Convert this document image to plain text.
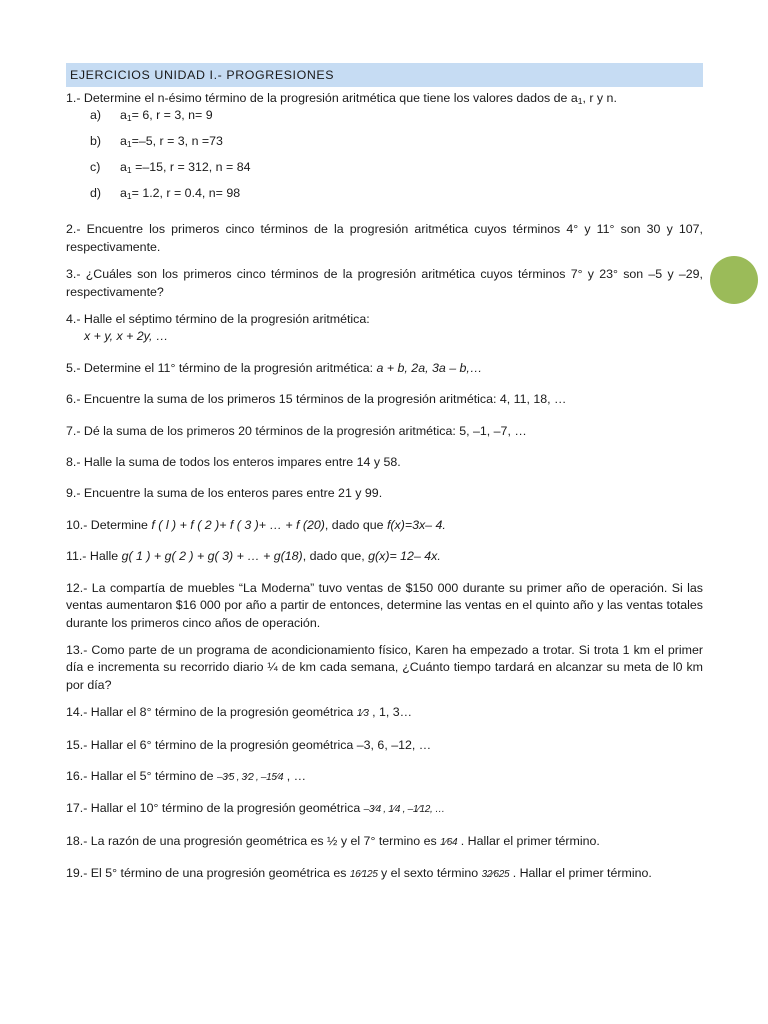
EJERCICIOS UNIDAD I.- PROGRESIONES

1.- Determine el n-ésimo término de la progresión aritmética que tiene los valores dados de $a_1$, r y n.

a)	$a_1= 6$, r = 3, n= 9
b)	$a_1=-5$, r = 3, n =73
c)	$a_1 =-15$, r = 312, n = 84
d)	$a_1= 1.2$, r = 0.4, n= 98

2.- Encuentre los primeros cinco términos de la progresión aritmética cuyos términos 4° y 11° son 30 y 107, respectivamente.

3.- ¿Cuáles son los primeros cinco términos de la progresión aritmética cuyos términos 7° y 23° son –5 y –29, respectivamente?

4.- Halle el séptimo término de la progresión aritmética:
x + y, x + 2y, …

5.- Determine el 11° término de la progresión aritmética: a + b, 2a, 3a – b,…

6.- Encuentre la suma de los primeros 15 términos de la progresión aritmética: 4, 11, 18, …

7.- Dé la suma de los primeros 20 términos de la progresión aritmética: 5, –1, –7, …

8.- Halle la suma de todos los enteros impares entre 14 y 58.

9.- Encuentre la suma de los enteros pares entre 21 y 99.

10.- Determine f ( l ) + f ( 2 )+ f ( 3 )+ … + f (20), dado que f(x)=3x– 4.

11.- Halle g( 1 ) + g( 2 ) + g( 3) + … + g(18), dado que, g(x)= 12– 4x.

12.- La compartía de muebles “La Moderna” tuvo ventas de $150 000 durante su primer año de operación. Si las ventas aumentaron $16 000 por año a partir de entonces, determine las ventas en el quinto año y las ventas totales durante los primeros cinco años de operación.

13.- Como parte de un programa de acondicionamiento físico, Karen ha empezado a trotar. Si trota 1 km el primer día e incrementa su recorrido diario ¼ de km cada semana, ¿Cuánto tiempo tardará en alcanzar su meta de l0 km por día?

14.- Hallar el 8° término de la progresión geométrica 1⁄3 , 1, 3…

15.- Hallar el 6° término de la progresión geométrica –3, 6, –12, …

16.- Hallar el 5° término de –3⁄5 , 3⁄2 , –15⁄4 , …

17.- Hallar el 10° término de la progresión geométrica –3⁄4 , 1⁄4 , –1⁄12, …

18.- La razón de una progresión geométrica es ½ y el 7° termino es 1⁄64 . Hallar el primer término.

19.- El 5° término de una progresión geométrica es 16⁄125 y el sexto término 32⁄625 . Hallar el primer término.
